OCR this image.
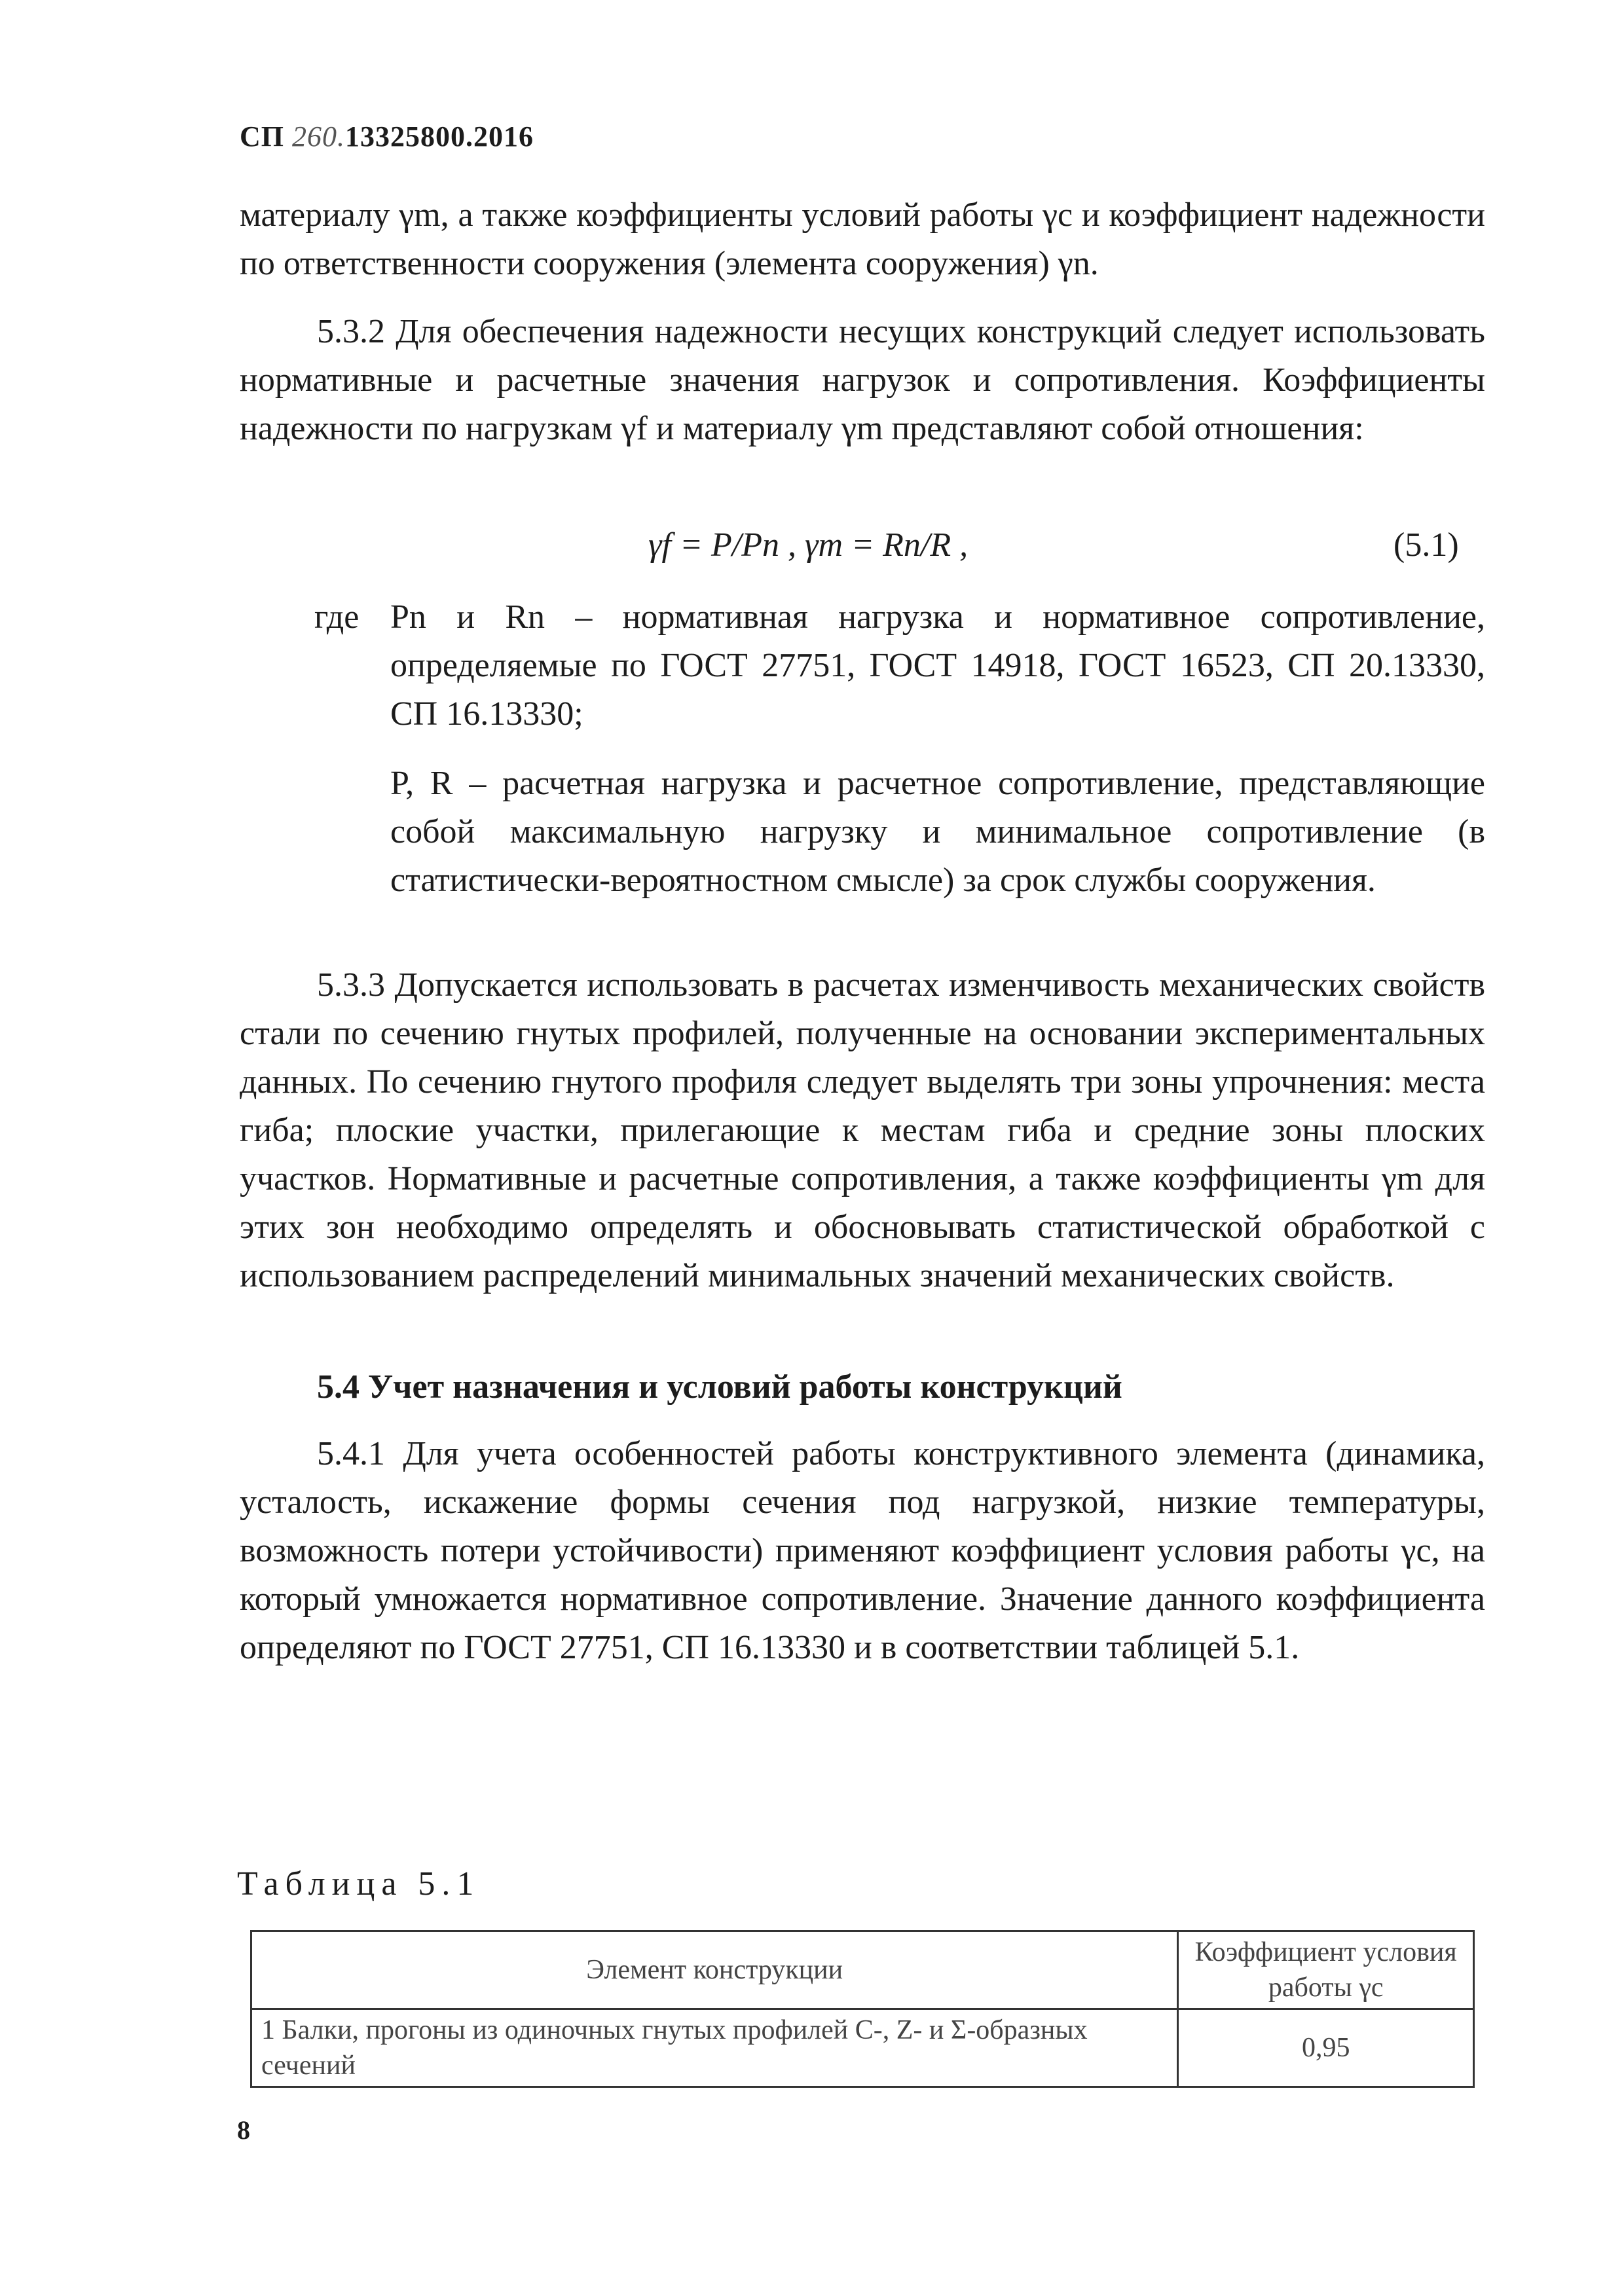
СП 260.13325800.2016

материалу γm, а также коэффициенты условий работы γc и коэффициент надежности по ответственности сооружения (элемента сооружения) γn.

5.3.2 Для обеспечения надежности несущих конструкций следует использовать нормативные и расчетные значения нагрузок и сопротивления. Коэффициенты надежности по нагрузкам γf и материалу γm представляют собой отношения:

γf = P/Pn , γm = Rn/R ,	(5.1)
где Pn и Rn – нормативная нагрузка и нормативное сопротивление, определяемые по ГОСТ 27751, ГОСТ 14918, ГОСТ 16523, СП 20.13330, СП 16.13330;

P, R – расчетная нагрузка и расчетное сопротивление, представляющие собой максимальную нагрузку и минимальное сопротивление (в статистически-вероятностном смысле) за срок службы сооружения.

5.3.3 Допускается использовать в расчетах изменчивость механических свойств стали по сечению гнутых профилей, полученные на основании экспериментальных данных. По сечению гнутого профиля следует выделять три зоны упрочнения: места гиба; плоские участки, прилегающие к местам гиба и средние зоны плоских участков. Нормативные и расчетные сопротивления, а также коэффициенты γm для этих зон необходимо определять и обосновывать статистической обработкой с использованием распределений минимальных значений механических свойств.

5.4 Учет назначения и условий работы конструкций

5.4.1 Для учета особенностей работы конструктивного элемента (динамика, усталость, искажение формы сечения под нагрузкой, низкие температуры, возможность потери устойчивости) применяют коэффициент условия работы γc, на который умножается нормативное сопротивление. Значение данного коэффициента определяют по ГОСТ 27751, СП 16.13330 и в соответствии таблицей 5.1.

Таблица 5.1
Элемент конструкции	Коэффициент условия работы γc
1 Балки, прогоны из одиночных гнутых профилей С-, Z- и Σ-образных сечений	0,95
8
